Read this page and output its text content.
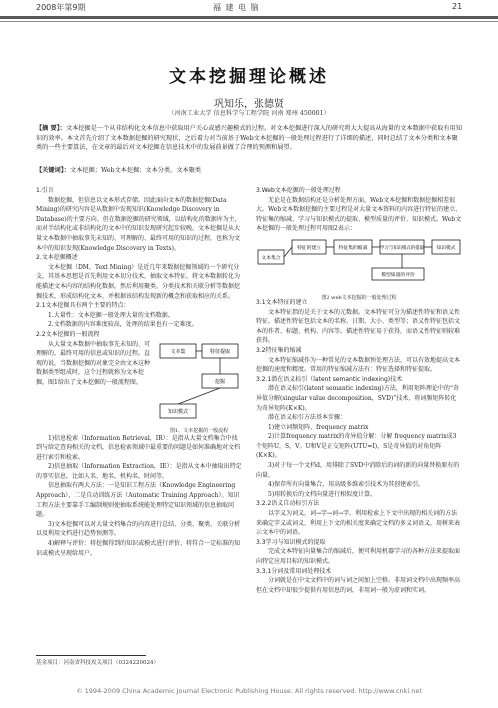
2008年第9期	福 建 电 脑	21
文本挖掘理论概述
巩知乐，张德贤
（河南工业大学 信息科学与工程学院 河南 郑州 450001）
【摘 要】：文本挖掘是一个从非结构化文本信息中获取用户关心或感兴趣模式的过程。对文本挖掘进行深入的研究将大大提高从海量的文本数据中获取有用知识的效率。本文首先介绍了文本数据挖掘的研究现状，之后着力对当前基于Web文本挖掘的一般处理过程进行了详细的描述，同时总结了文本分类和文本聚类的一些主要算法，在文章的最后对文本挖掘在信息技术中的发展前景做了合理的预测和展望。
【关键词】：文本挖掘；Web文本挖掘；文本分类，文本聚类

1.引言

数据挖掘，但信息以文本形式存储。因此面向文本的数据挖掘(Data Mining)的研究内容是从数据中发现知识(Knowledge Discovery in Database)的主要方向。但在数据挖掘的研究领域，以结构化的数据库为主，而对半结构化或非结构化的文本中的知识发现研究起步较晚。文本挖掘是从大量文本数据中抽取事先未知的、可理解的、最终可用的知识的过程，也称为文本中的知识发现(Knowledge Discovery in Texts)。

2.文本挖掘概述

文本挖掘（DM，Text Mining）是近几年来数据挖掘领域的一个研究分支，其基本思想是首先利用文本切分技术，抽取文本特征，将文本数据转化为能描述文本内容的结构化数据，然后利用聚类、分类技术和关联分析等数据挖掘技术，形成结构化文本，并根据该结构发现新的概念和获取相应的关系。

2.1文本挖掘具有两个主要的特点：

1.大量性：文本挖掘一般处理大量的文档数据。

2.文档数据的内容难度较高，处理的结果也有一定难度。

2.2文本挖掘的一般流程

从大量文本数据中抽取事先未知的、可理解的、最终可用的信息或知识的过程。直观的说，当数据挖掘的对象完全由文本这种数据类型组成时，这个过程就称为文本挖掘。图1给出了文本挖掘的一般流程图。

文本集	特征提取
挖掘
知识模式
图1、文本挖掘的一般流程

1)信息检索（Information Retrieval，IR）：是指从大量文档集合中找到与给定查询相关的文档，信息检索领域中最重要的问题是如何准确地对文档进行索引和检索。

2)信息抽取（Information Extraction，IE）：是指从文本中抽取出特定的事实信息，比如人名、地名、机构名、时间等。

信息抽取有两大方法：一是知识工程方法（Knowledge Engineering Approach），二是自动训练方法（Automatic Training Approach）。知识工程方法主要靠手工编制规则使抽取系统能处理特定知识领域的信息抽取问题。

3)文本挖掘可以对大量文档集合的内容进行总结、分类、聚类、关联分析以及利用文档进行趋势预测等。

4)解释与评价：将挖掘得到的知识或模式进行评价，将符合一定标准的知识或模式呈现给用户。

3.Web文本挖掘的一般处理过程

无论是在数据结构还是分析处理方面，Web文本挖掘和数据挖掘相差很大。Web文本数据挖掘的主要过程是对大量文本资料的内容进行特征的建立、特征集的缩减、学习与知识模式的提取、模型质量的评价、知识模式。Web文本挖掘的一般处理过程可用图2表示：

文本集合
特征的建立	特征集的缩减	学习与知识模式的提取	知识模式
模型质量的评价
图2 web文本挖掘的一般处理过程

3.1文本特征的建立

文本特征指的是关于文本的元数据。文本特征可分为描述性特征和语义性特征。描述性特征包括文本的名称、日期、大小、类型等；语义性特征包括文本的作者、标题、机构、内容等。描述性特征易于获得，而语义性特征则较难获得。

3.2特征集的缩减

文本特征缩减作为一种常见的文本数据预处理方法，可以有效地提高文本挖掘的速度和精度。常用的特征缩减方法有：特征选择和特征提取。

3.2.1潜在语义标引（latent semantic indexing)技术

潜在语义标引(latent semantic indexing)方法，利用矩阵理论中的“奇异值分解(singular value decomposition，SVD)”技术，将词频矩阵转化为奇异矩阵(K×K)。

潜在语义标引方法基本步骤：

1)建立词频矩阵，frequency matrix

2)计算frequency matrix的奇异值分解：分解 frequency matrix成3个矩阵U，S，V。U和V是正交矩阵(UTU=I)，S是奇异值的对角矩阵(K×K)。

3)对于每一个文档d，用排除了SVD中消除后的词的新的向量替换原有的向量。

4)保存所有向量集合，用高级多维索引技术为其创建索引。

5)用转换后的文档向量进行相似度计算。

3.2.2语义自动标引方法

以字义为词义，词→字→词→字，利用检索上下文中出现的相关词的方法来确定字义或词义，利用上下文的相关度来确定文档的多义词语义，用树来表示文本中的词语。

3.3学习与知识模式的提取

完成文本特征向量集合的缩减后，便可利用机器学习的各种方法来提取面向特定应用目标的知识模式。

3.3.1分词及常用词处理技术

分词就是在中文文档中的词与词之间加上空格。非用词文档中出现频率高但在文档中却很少提供有用信息的词，非用词一般为虚词和实词。

基金项目：河南省科技攻关项目（0324220024）
© 1994-2009 China Academic Journal Electronic Publishing House. All rights reserved. http://www.cnki.net
